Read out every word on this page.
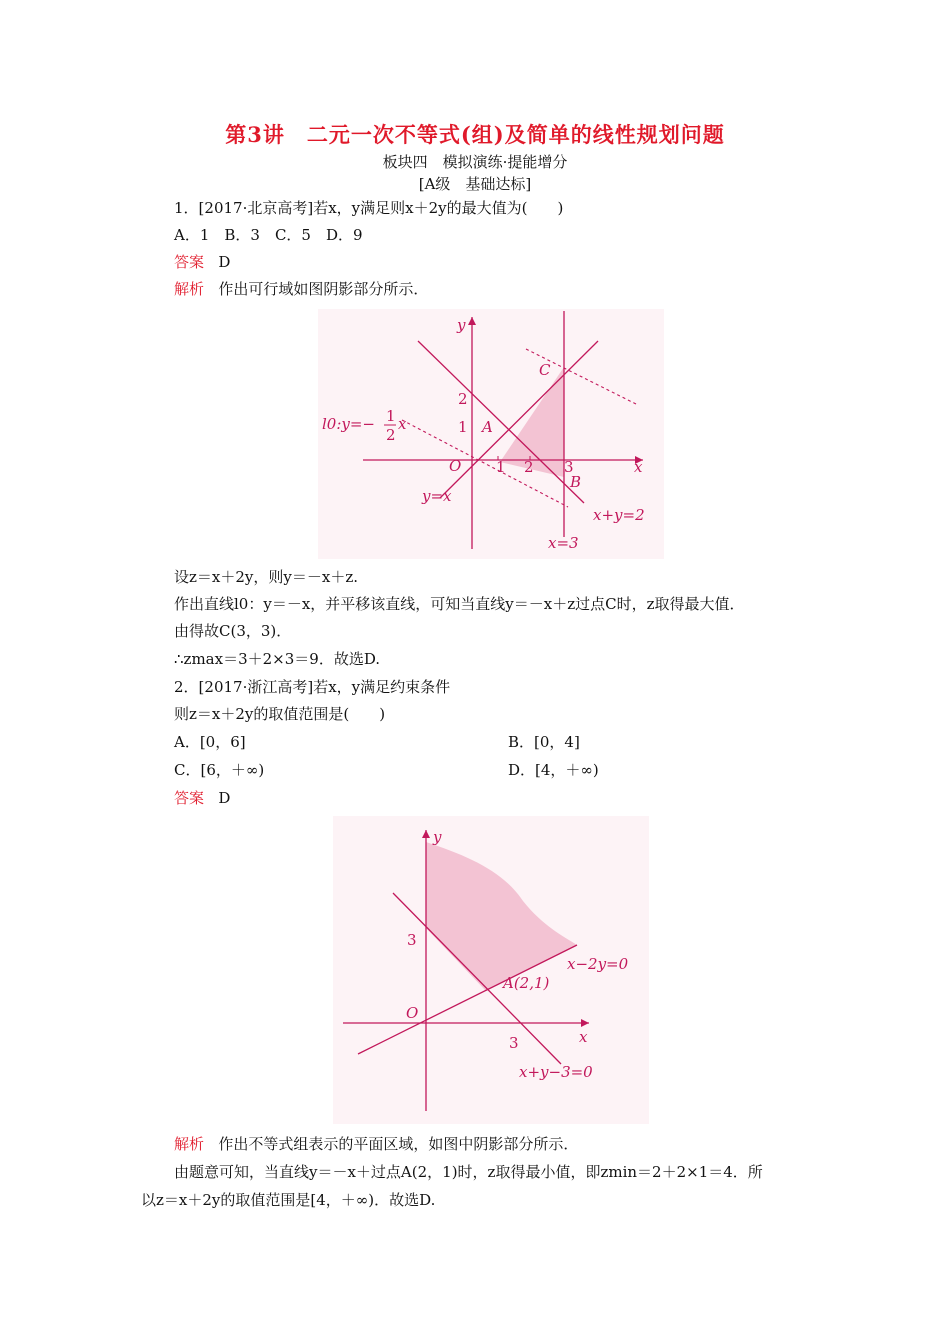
第3讲　二元一次不等式(组)及简单的线性规划问题
板块四　模拟演练·提能增分
[A级　基础达标]
1．[2017·北京高考]若x，y满足则x＋2y的最大值为(　　)
A．1　B．3　C．5　D．9
答案 D
解析 作出可行域如图阴影部分所示．
y
x
O 1 2 3
1
2
A
B
C
l0:y=− 1
2
x
y=x
x+y=2
x=3
设z＝x＋2y，则y＝－x＋z.
作出直线l0：y＝－x，并平移该直线，可知当直线y＝－x＋z过点C时，z取得最大值．
由得故C(3，3)．
∴zmax＝3＋2×3＝9．故选D.
2．[2017·浙江高考]若x，y满足约束条件
则z＝x＋2y的取值范围是(　　)
A．[0，6]	B．[0，4]
C．[6，＋∞)	D．[4，＋∞)
答案 D
y
x
O
3
3
A(2,1)
x−2y=0
x+y−3=0
解析 作出不等式组表示的平面区域，如图中阴影部分所示．
由题意可知，当直线y＝－x＋过点A(2，1)时，z取得最小值，即zmin＝2＋2×1＝4．所
以z＝x＋2y的取值范围是[4，＋∞)．故选D.
